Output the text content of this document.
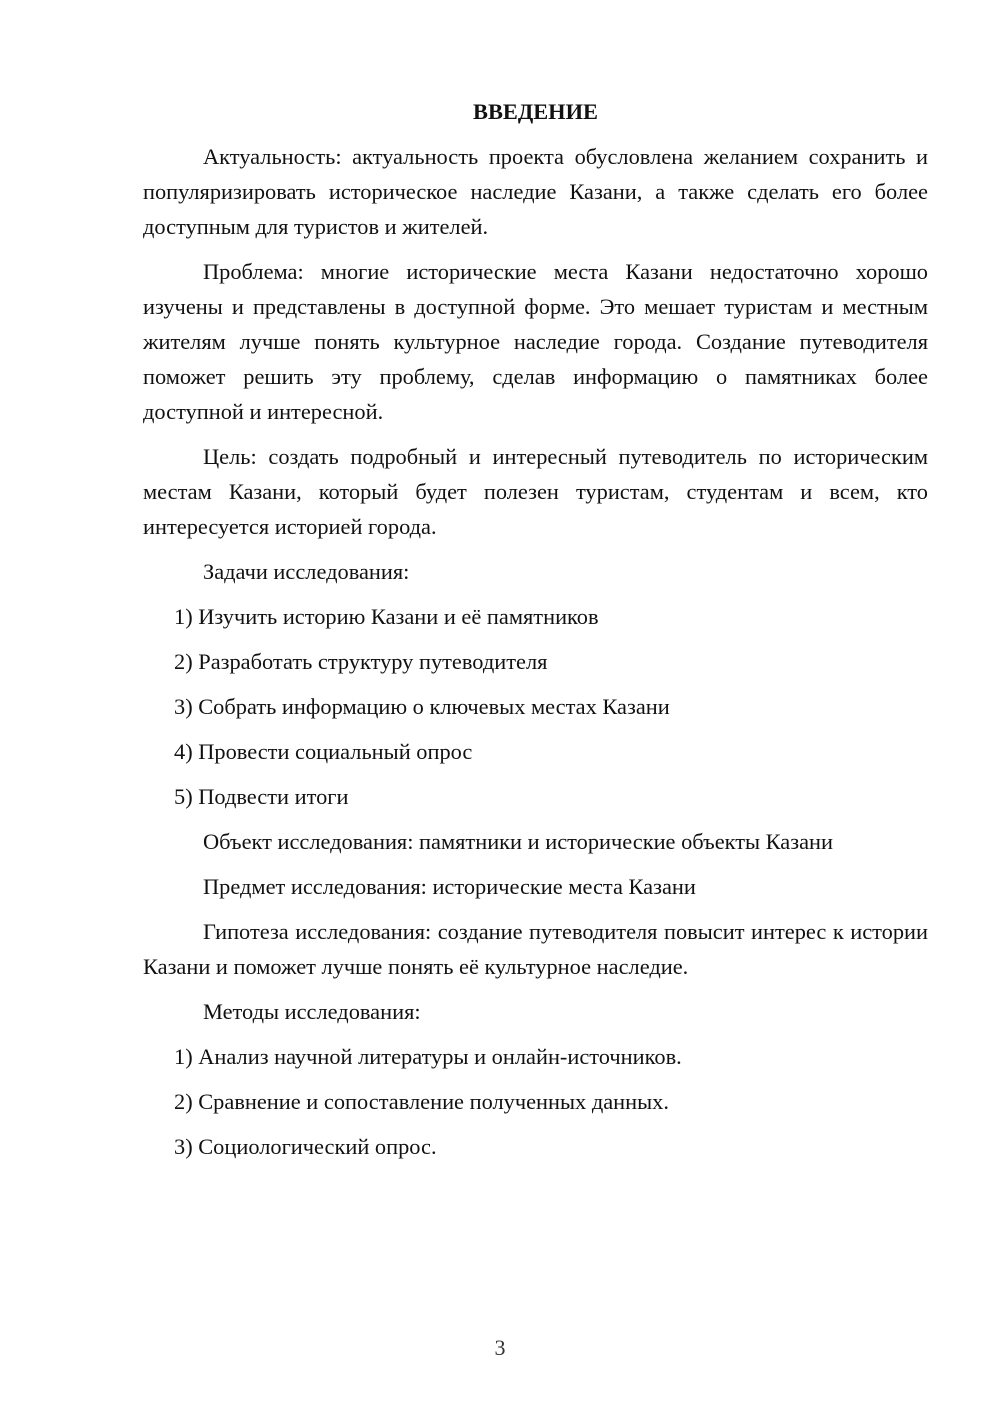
ВВЕДЕНИЕ

Актуальность: актуальность проекта обусловлена желанием сохранить и популяризировать историческое наследие Казани, а также сделать его более доступным для туристов и жителей.

Проблема: многие исторические места Казани недостаточно хорошо изучены и представлены в доступной форме. Это мешает туристам и местным жителям лучше понять культурное наследие города. Создание путеводителя поможет решить эту проблему, сделав информацию о памятниках более доступной и интересной.

Цель: создать подробный и интересный путеводитель по историческим местам Казани, который будет полезен туристам, студентам и всем, кто интересуется историей города.

Задачи исследования:

1) Изучить историю Казани и её памятников
2) Разработать структуру путеводителя
3) Собрать информацию о ключевых местах Казани
4) Провести социальный опрос
5) Подвести итоги

Объект исследования: памятники и исторические объекты Казани

Предмет исследования: исторические места Казани

Гипотеза исследования: создание путеводителя повысит интерес к истории Казани и поможет лучше понять её культурное наследие.

Методы исследования:

1) Анализ научной литературы и онлайн-источников.
2) Сравнение и сопоставление полученных данных.
3) Социологический опрос.
3
